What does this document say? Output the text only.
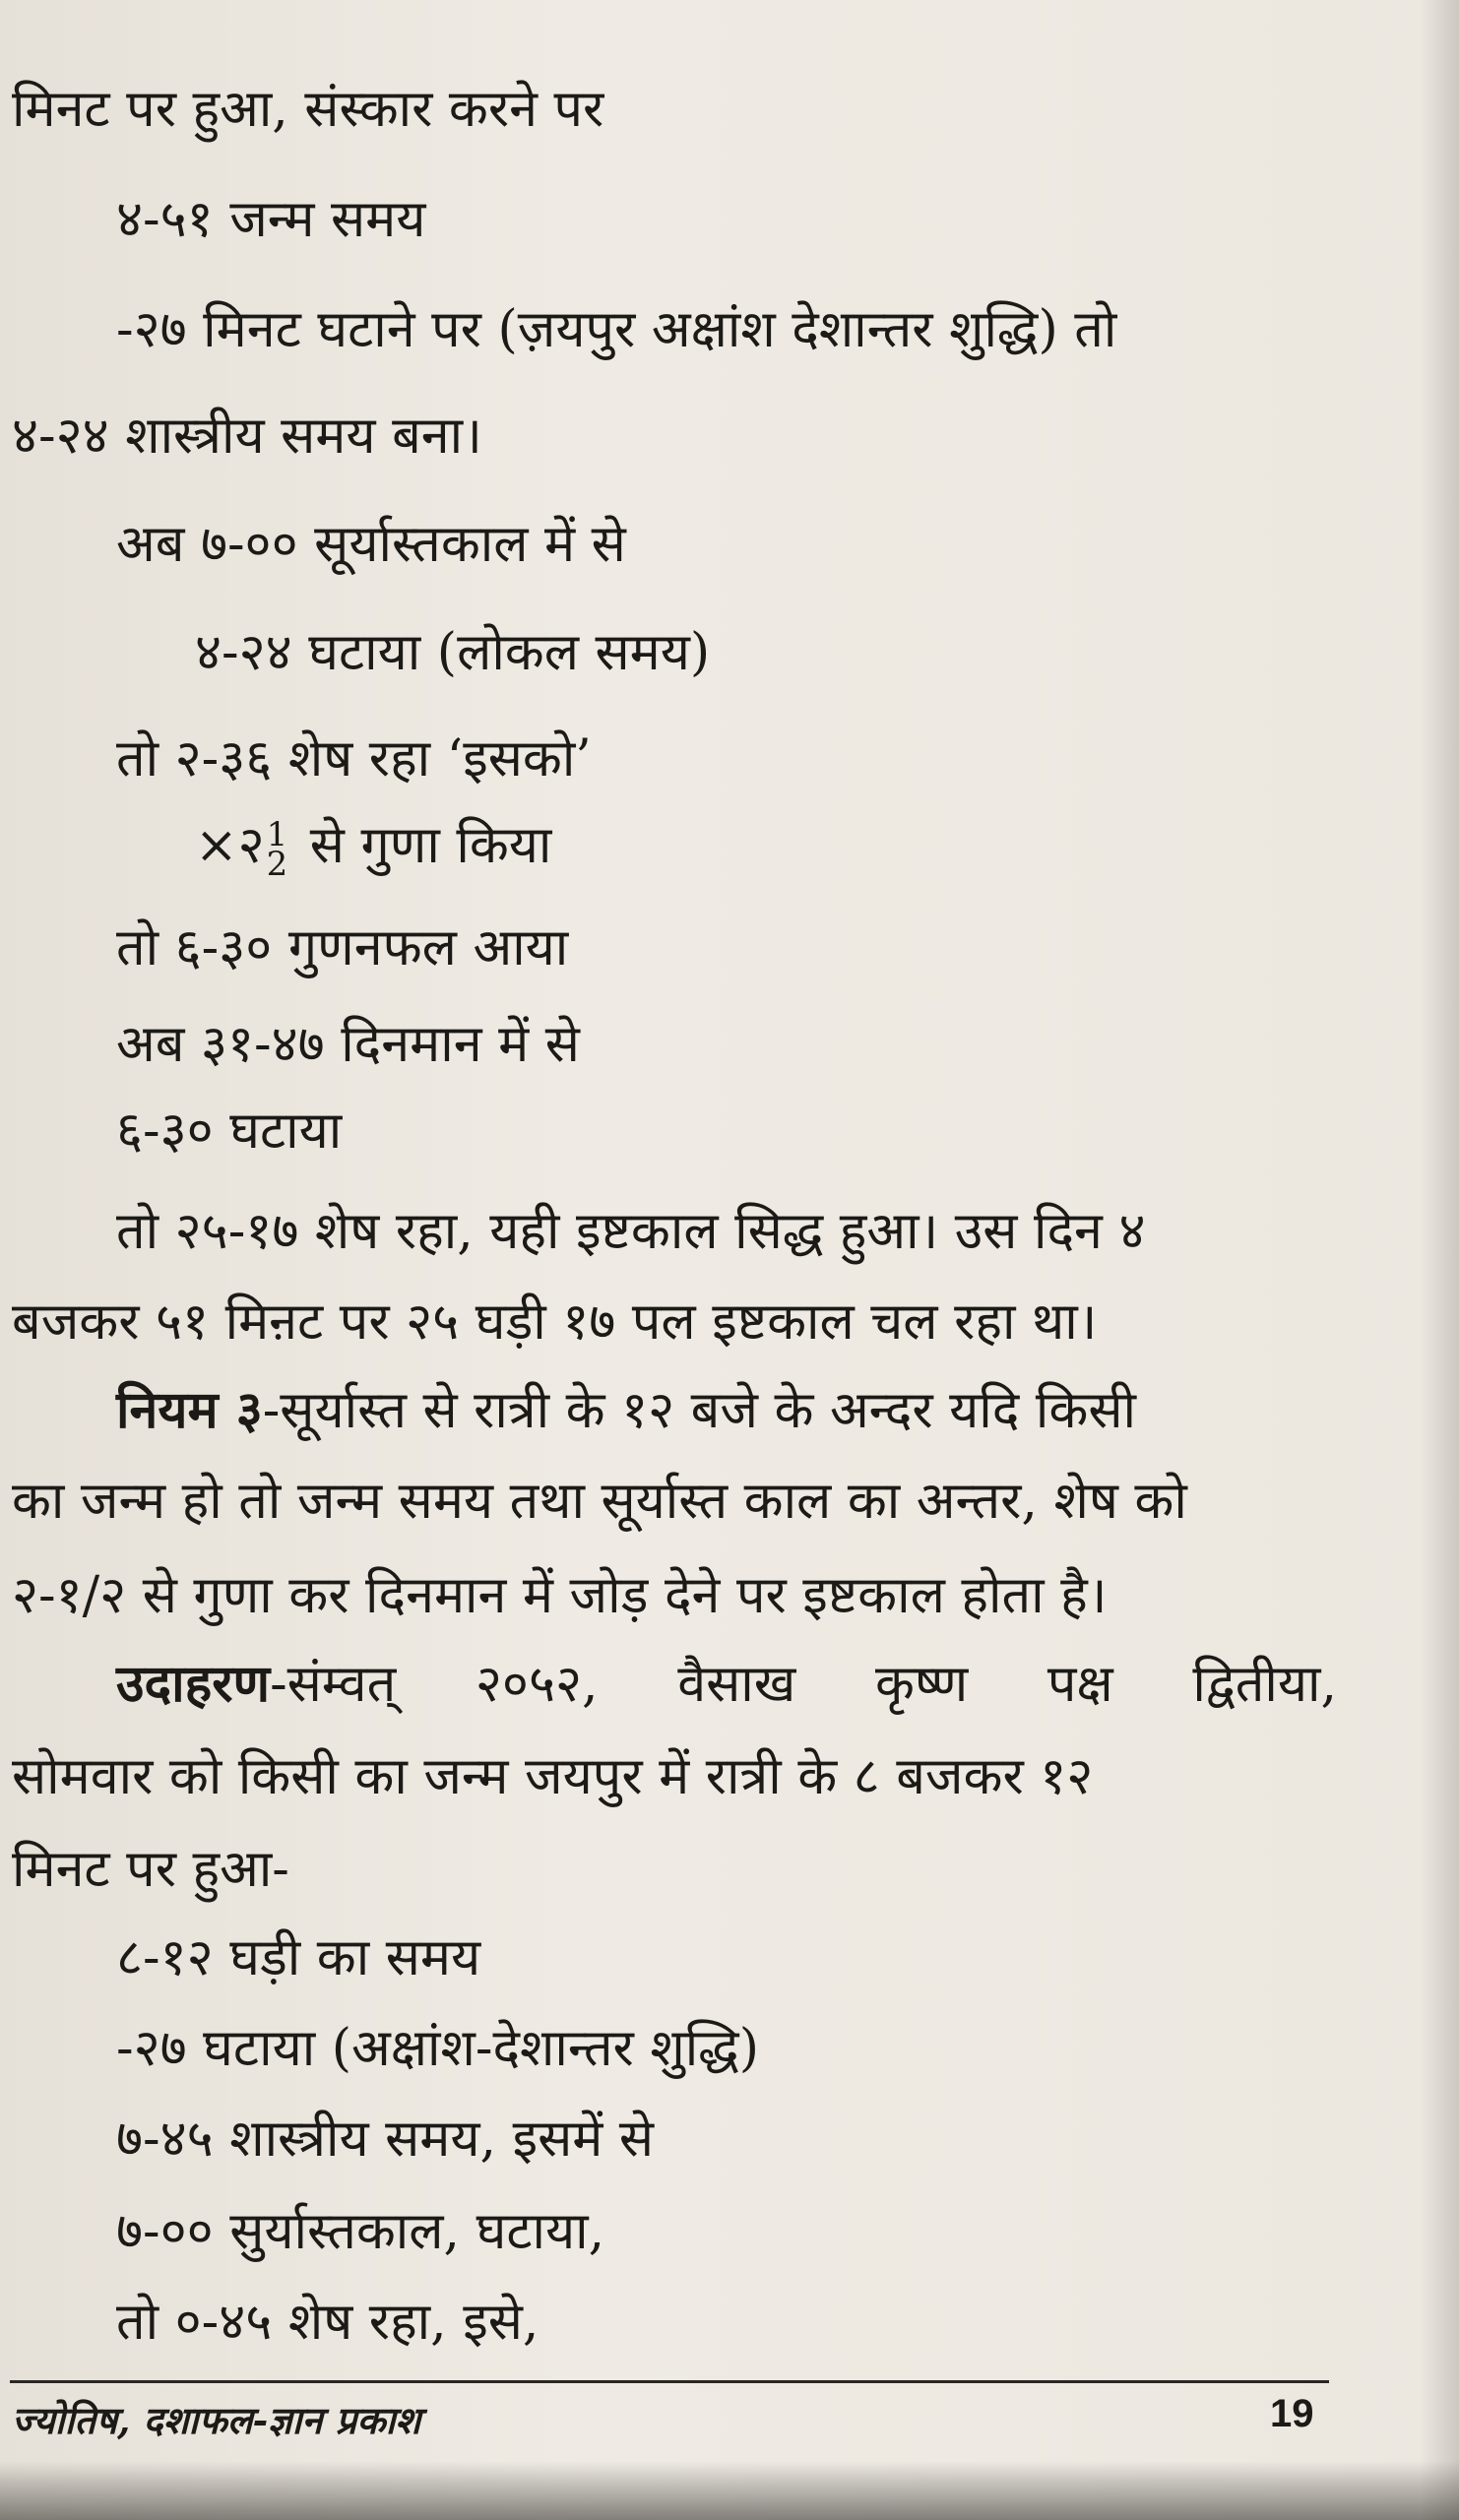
मिनट पर हुआ, संस्कार करने पर
४-५१ जन्म समय
-२७ मिनट घटाने पर (ज़यपुर अक्षांश देशान्तर शुद्धि) तो
४-२४ शास्त्रीय समय बना।
अब ७-०० सूर्यास्तकाल में से
४-२४ घटाया (लोकल समय)
तो २-३६ शेष रहा ‘इसको’
×२ 1
2 से गुणा किया
तो ६-३० गुणनफल आया
अब ३१-४७ दिनमान में से
६-३० घटाया
तो २५-१७ शेष रहा, यही इष्टकाल सिद्ध हुआ। उस दिन ४
बजकर ५१ मिऩट पर २५ घड़ी १७ पल इष्टकाल चल रहा था।
नियम ३-सूर्यास्त से रात्री के १२ बजे के अन्दर यदि किसी
का जन्म हो तो जन्म समय तथा सूर्यास्त काल का अन्तर, शेष को
२-१/२ से गुणा कर दिनमान में जोड़ देने पर इष्टकाल होता है।
उदाहरण-संम्वत् २०५२, वैसाख कृष्ण पक्ष द्वितीया,
सोमवार को किसी का जन्म जयपुर में रात्री के ८ बजकर १२
मिनट पर हुआ-
८-१२ घड़ी का समय
-२७ घटाया (अक्षांश-देशान्तर शुद्धि)
७-४५ शास्त्रीय समय, इसमें से
७-०० सुर्यास्तकाल, घटाया,
तो ०-४५ शेष रहा, इसे,
ज्योतिष, दशाफल-ज्ञान प्रकाश	19
